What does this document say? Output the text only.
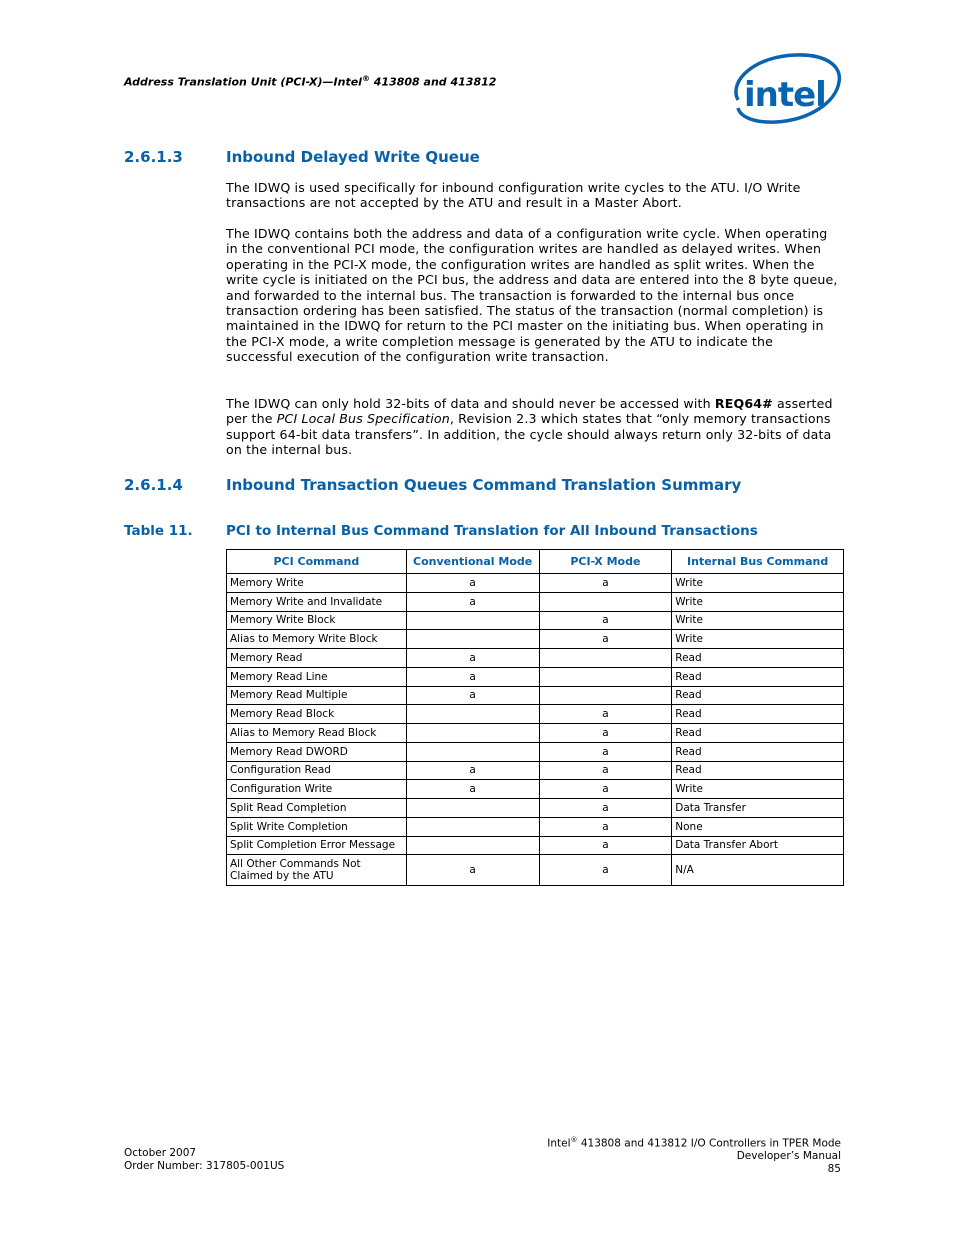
Address Translation Unit (PCI-X)—Intel® 413808 and 413812	intel
2.6.1.3	Inbound Delayed Write Queue
The IDWQ is used specifically for inbound configuration write cycles to the ATU. I/O Write transactions are not accepted by the ATU and result in a Master Abort.
The IDWQ contains both the address and data of a configuration write cycle. When operating in the conventional PCI mode, the configuration writes are handled as delayed writes. When operating in the PCI-X mode, the configuration writes are handled as split writes. When the write cycle is initiated on the PCI bus, the address and data are entered into the 8 byte queue, and forwarded to the internal bus. The transaction is forwarded to the internal bus once transaction ordering has been satisfied. The status of the transaction (normal completion) is maintained in the IDWQ for return to the PCI master on the initiating bus. When operating in the PCI-X mode, a write completion message is generated by the ATU to indicate the successful execution of the configuration write transaction.
The IDWQ can only hold 32-bits of data and should never be accessed with REQ64# asserted per the PCI Local Bus Specification, Revision 2.3 which states that “only memory transactions support 64-bit data transfers”. In addition, the cycle should always return only 32-bits of data on the internal bus.
2.6.1.4	Inbound Transaction Queues Command Translation Summary
Table 11. PCI to Internal Bus Command Translation for All Inbound Transactions
PCI Command	Conventional Mode	PCI-X Mode	Internal Bus Command
Memory Write	a	a	Write
Memory Write and Invalidate	a		Write
Memory Write Block		a	Write
Alias to Memory Write Block		a	Write
Memory Read	a		Read
Memory Read Line	a		Read
Memory Read Multiple	a		Read
Memory Read Block		a	Read
Alias to Memory Read Block		a	Read
Memory Read DWORD		a	Read
Configuration Read	a	a	Read
Configuration Write	a	a	Write
Split Read Completion		a	Data Transfer
Split Write Completion		a	None
Split Completion Error Message		a	Data Transfer Abort
All Other Commands Not Claimed by the ATU	a	a	N/A
October 2007
Order Number: 317805-001US
Intel® 413808 and 413812 I/O Controllers in TPER Mode
Developer’s Manual
85
